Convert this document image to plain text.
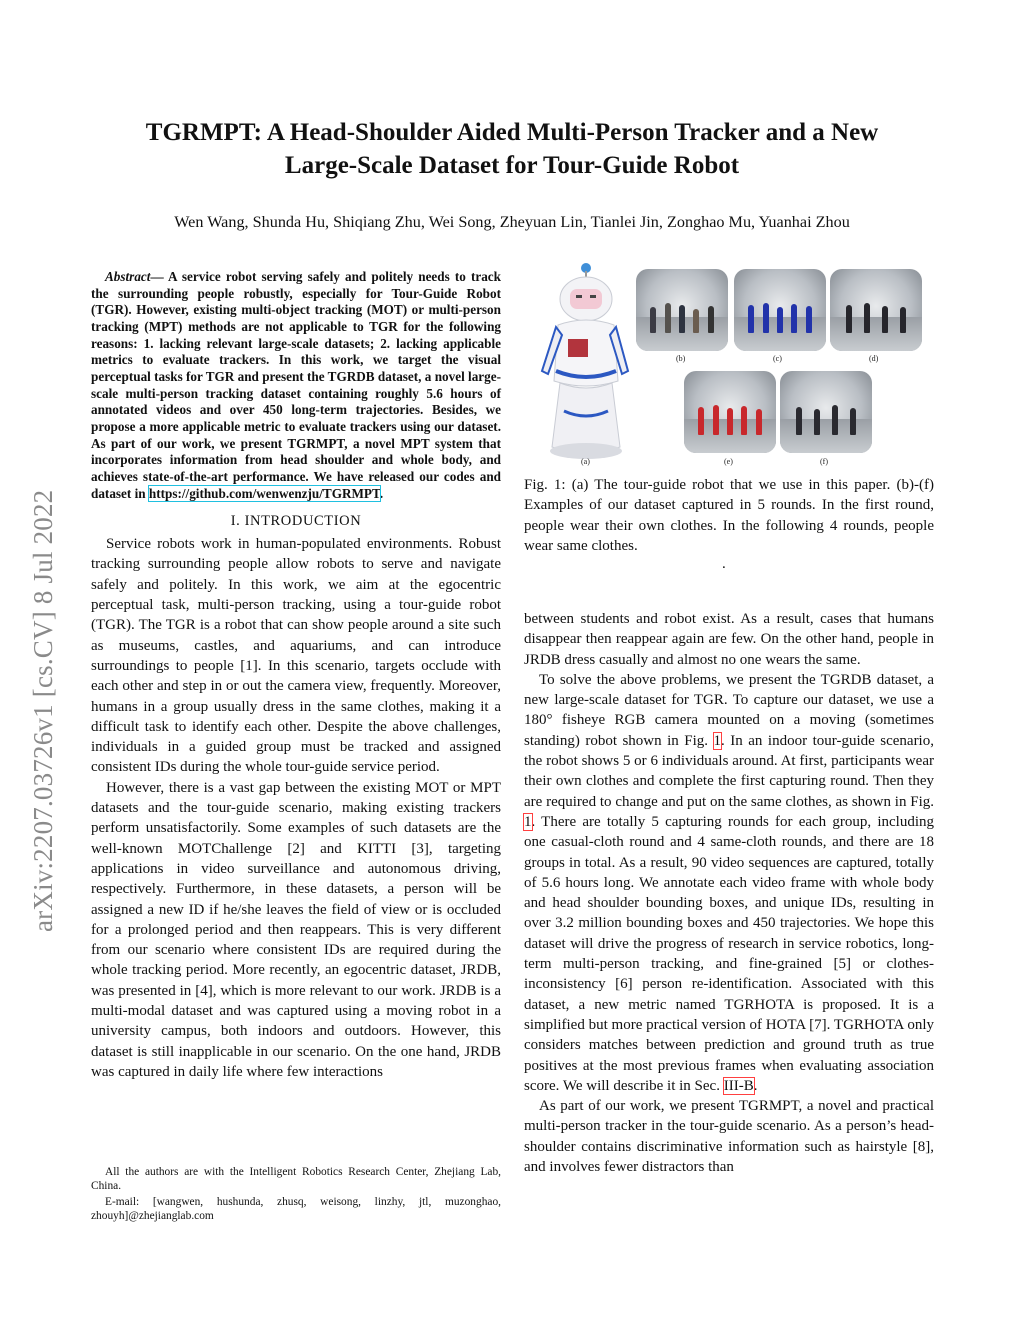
arXiv:2207.03726v1 [cs.CV] 8 Jul 2022
TGRMPT: A Head-Shoulder Aided Multi-Person Tracker and a New
Large-Scale Dataset for Tour-Guide Robot
Wen Wang, Shunda Hu, Shiqiang Zhu, Wei Song, Zheyuan Lin, Tianlei Jin, Zonghao Mu, Yuanhai Zhou

Abstract— A service robot serving safely and politely needs to track the surrounding people robustly, especially for Tour-Guide Robot (TGR). However, existing multi-object tracking (MOT) or multi-person tracking (MPT) methods are not applicable to TGR for the following reasons: 1. lacking relevant large-scale datasets; 2. lacking applicable metrics to evaluate trackers. In this work, we target the visual perceptual tasks for TGR and present the TGRDB dataset, a novel large-scale multi-person tracking dataset containing roughly 5.6 hours of annotated videos and over 450 long-term trajectories. Besides, we propose a more applicable metric to evaluate trackers using our dataset. As part of our work, we present TGRMPT, a novel MPT system that incorporates information from head shoulder and whole body, and achieves state-of-the-art performance. We have released our codes and dataset in https://github.com/wenwenzju/TGRMPT.

I. INTRODUCTION

Service robots work in human-populated environments. Robust tracking surrounding people allow robots to serve and navigate safely and politely. In this work, we aim at the egocentric perceptual task, multi-person tracking, using a tour-guide robot (TGR). The TGR is a robot that can show people around a site such as museums, castles, and aquariums, and can introduce surroundings to people [1]. In this scenario, targets occlude with each other and step in or out the camera view, frequently. Moreover, humans in a group usually dress in the same clothes, making it a difficult task to identify each other. Despite the above challenges, individuals in a guided group must be tracked and assigned consistent IDs during the whole tour-guide service period.

However, there is a vast gap between the existing MOT or MPT datasets and the tour-guide scenario, making existing trackers perform unsatisfactorily. Some examples of such datasets are the well-known MOTChallenge [2] and KITTI [3], targeting applications in video surveillance and autonomous driving, respectively. Furthermore, in these datasets, a person will be assigned a new ID if he/she leaves the field of view or is occluded for a prolonged period and then reappears. This is very different from our scenario where consistent IDs are required during the whole tracking period. More recently, an egocentric dataset, JRDB, was presented in [4], which is more relevant to our work. JRDB is a multi-modal dataset and was captured using a moving robot in a university campus, both indoors and outdoors. However, this dataset is still inapplicable in our scenario. On the one hand, JRDB was captured in daily life where few interactions

All the authors are with the Intelligent Robotics Research Center, Zhejiang Lab, China.

E-mail: [wangwen, hushunda, zhusq, weisong, linzhy, jtl, muzonghao, zhouyh]@zhejianglab.com

(a)
(b)	(c)	(d)
(e)	(f)

Fig. 1: (a) The tour-guide robot that we use in this paper. (b)-(f) Examples of our dataset captured in 5 rounds. In the first round, people wear their own clothes. In the following 4 rounds, people wear same clothes.

.

between students and robot exist. As a result, cases that humans disappear then reappear again are few. On the other hand, people in JRDB dress casually and almost no one wears the same.

To solve the above problems, we present the TGRDB dataset, a new large-scale dataset for TGR. To capture our dataset, we use a 180° fisheye RGB camera mounted on a moving (sometimes standing) robot shown in Fig. 1. In an indoor tour-guide scenario, the robot shows 5 or 6 individuals around. At first, participants wear their own clothes and complete the first capturing round. Then they are required to change and put on the same clothes, as shown in Fig. 1. There are totally 5 capturing rounds for each group, including one casual-cloth round and 4 same-cloth rounds, and there are 18 groups in total. As a result, 90 video sequences are captured, totally of 5.6 hours long. We annotate each video frame with whole body and head shoulder bounding boxes, and unique IDs, resulting in over 3.2 million bounding boxes and 450 trajectories. We hope this dataset will drive the progress of research in service robotics, long-term multi-person tracking, and fine-grained [5] or clothes-inconsistency [6] person re-identification. Associated with this dataset, a new metric named TGRHOTA is proposed. It is a simplified but more practical version of HOTA [7]. TGRHOTA only considers matches between prediction and ground truth as true positives at the most previous frames when evaluating association score. We will describe it in Sec. III-B.

As part of our work, we present TGRMPT, a novel and practical multi-person tracker in the tour-guide scenario. As a person’s head-shoulder contains discriminative information such as hairstyle [8], and involves fewer distractors than
